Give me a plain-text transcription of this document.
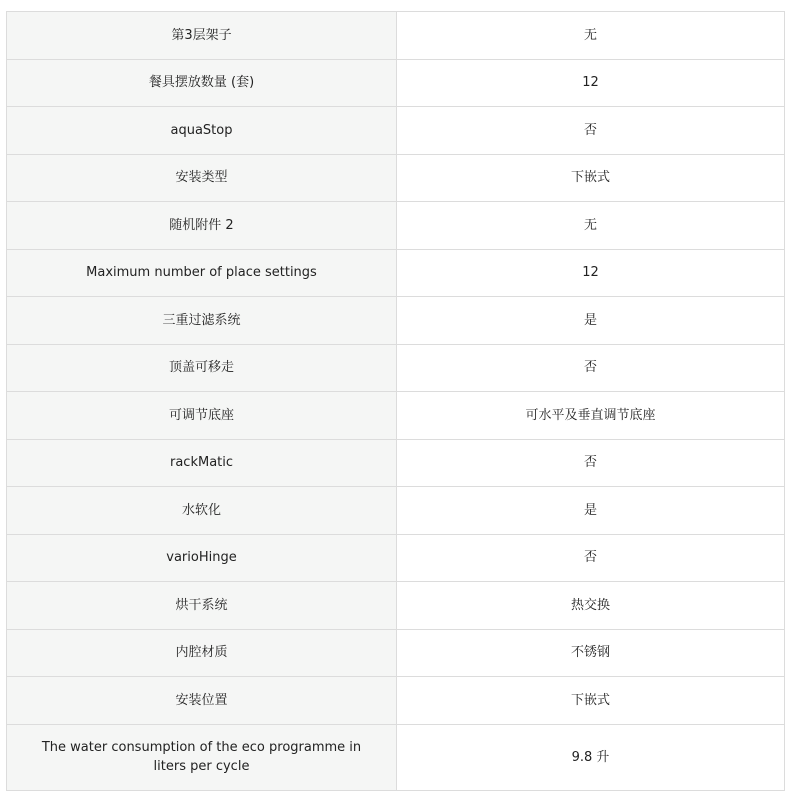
第3层架子	无
餐具摆放数量 (套)	12
aquaStop	否
安装类型	下嵌式
随机附件 2	无
Maximum number of place settings	12
三重过滤系统	是
顶盖可移走	否
可调节底座	可水平及垂直调节底座
rackMatic	否
水软化	是
varioHinge	否
烘干系统	热交换
内腔材质	不锈钢
安装位置	下嵌式
The water consumption of the eco programme in liters per cycle	9.8 升
